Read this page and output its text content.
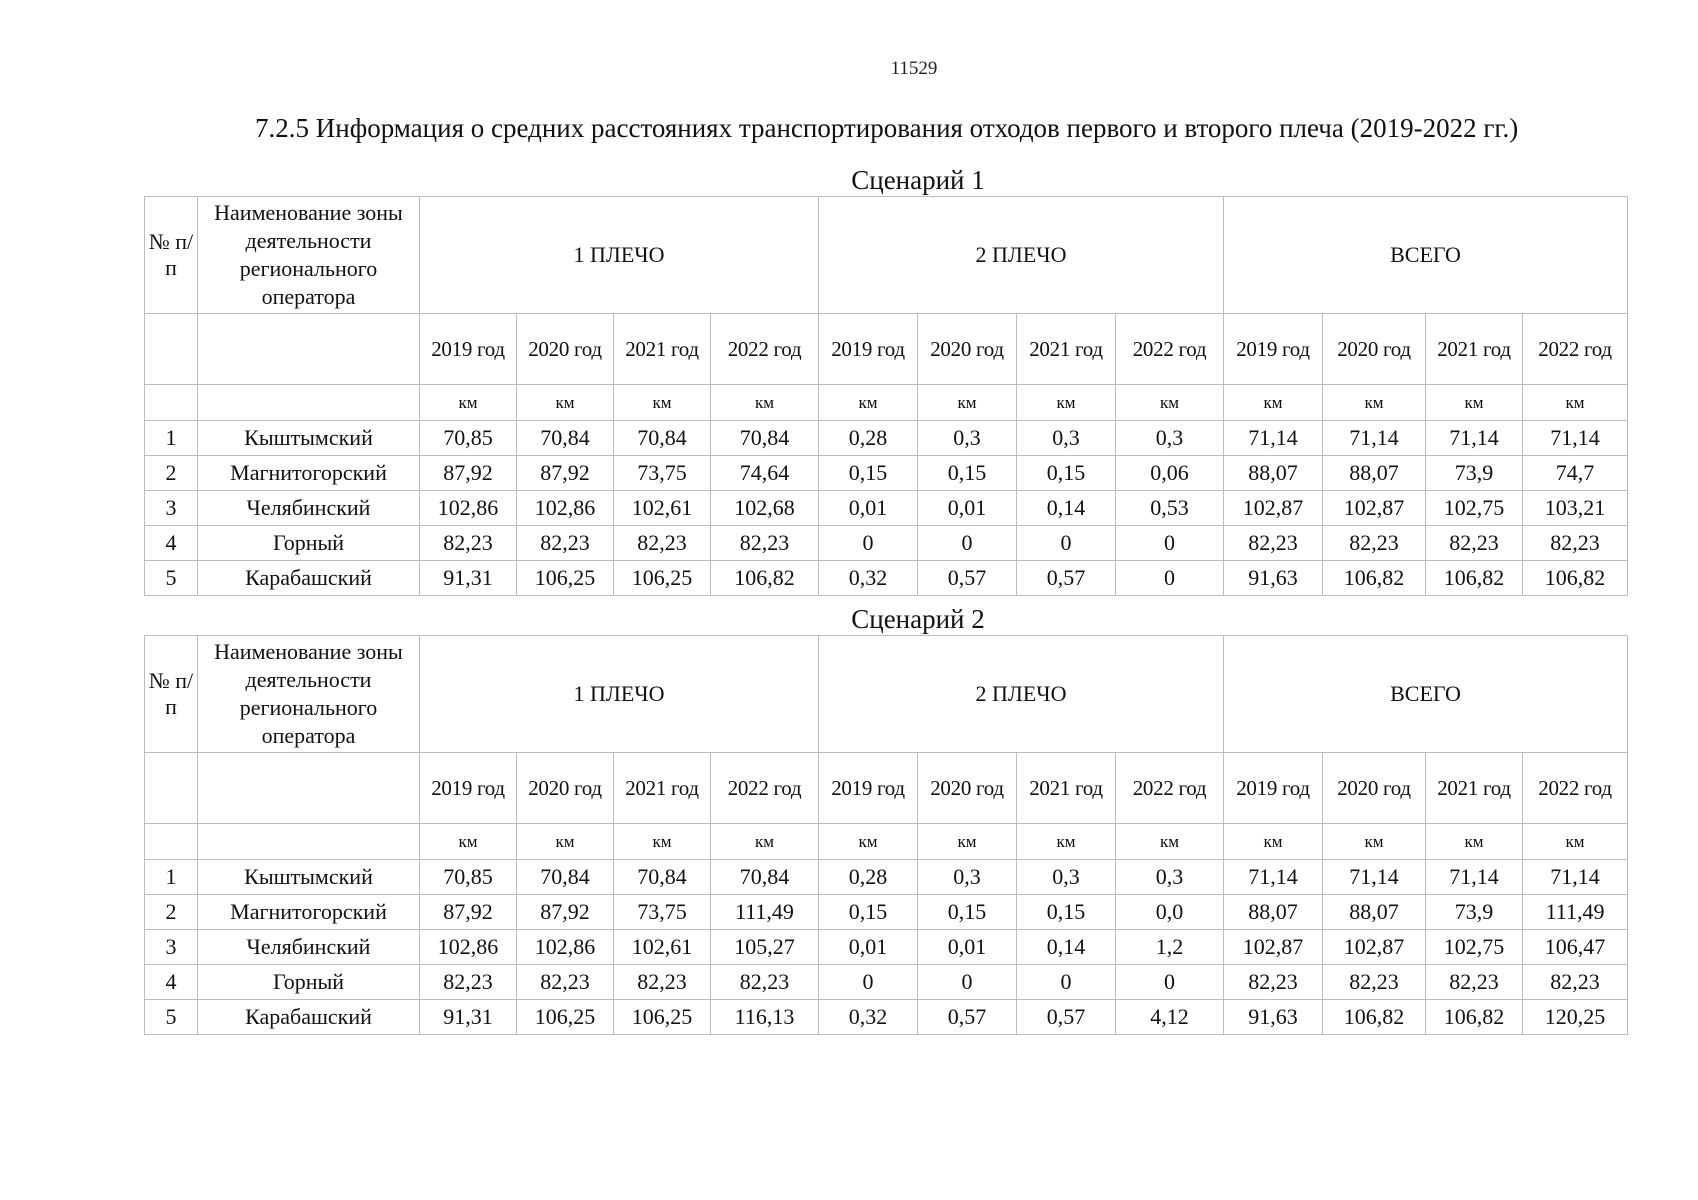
11529
7.2.5 Информация о средних расстояниях транспортирования отходов первого и второго плеча (2019-2022 гг.)
Сценарий 1
№ п/п	Наименование зоны деятельности регионального оператора	1 ПЛЕЧО				2 ПЛЕЧО				ВСЕГО			
		2019 год	2020 год	2021 год	2022 год	2019 год	2020 год	2021 год	2022 год	2019 год	2020 год	2021 год	2022 год
		км	км	км	км	км	км	км	км	км	км	км	км
1	Кыштымский	70,85	70,84	70,84	70,84	0,28	0,3	0,3	0,3	71,14	71,14	71,14	71,14
2	Магнитогорский	87,92	87,92	73,75	74,64	0,15	0,15	0,15	0,06	88,07	88,07	73,9	74,7
3	Челябинский	102,86	102,86	102,61	102,68	0,01	0,01	0,14	0,53	102,87	102,87	102,75	103,21
4	Горный	82,23	82,23	82,23	82,23	0	0	0	0	82,23	82,23	82,23	82,23
5	Карабашский	91,31	106,25	106,25	106,82	0,32	0,57	0,57	0	91,63	106,82	106,82	106,82
Сценарий 2
№ п/п	Наименование зоны деятельности регионального оператора	1 ПЛЕЧО				2 ПЛЕЧО				ВСЕГО			
		2019 год	2020 год	2021 год	2022 год	2019 год	2020 год	2021 год	2022 год	2019 год	2020 год	2021 год	2022 год
		км	км	км	км	км	км	км	км	км	км	км	км
1	Кыштымский	70,85	70,84	70,84	70,84	0,28	0,3	0,3	0,3	71,14	71,14	71,14	71,14
2	Магнитогорский	87,92	87,92	73,75	111,49	0,15	0,15	0,15	0,0	88,07	88,07	73,9	111,49
3	Челябинский	102,86	102,86	102,61	105,27	0,01	0,01	0,14	1,2	102,87	102,87	102,75	106,47
4	Горный	82,23	82,23	82,23	82,23	0	0	0	0	82,23	82,23	82,23	82,23
5	Карабашский	91,31	106,25	106,25	116,13	0,32	0,57	0,57	4,12	91,63	106,82	106,82	120,25
